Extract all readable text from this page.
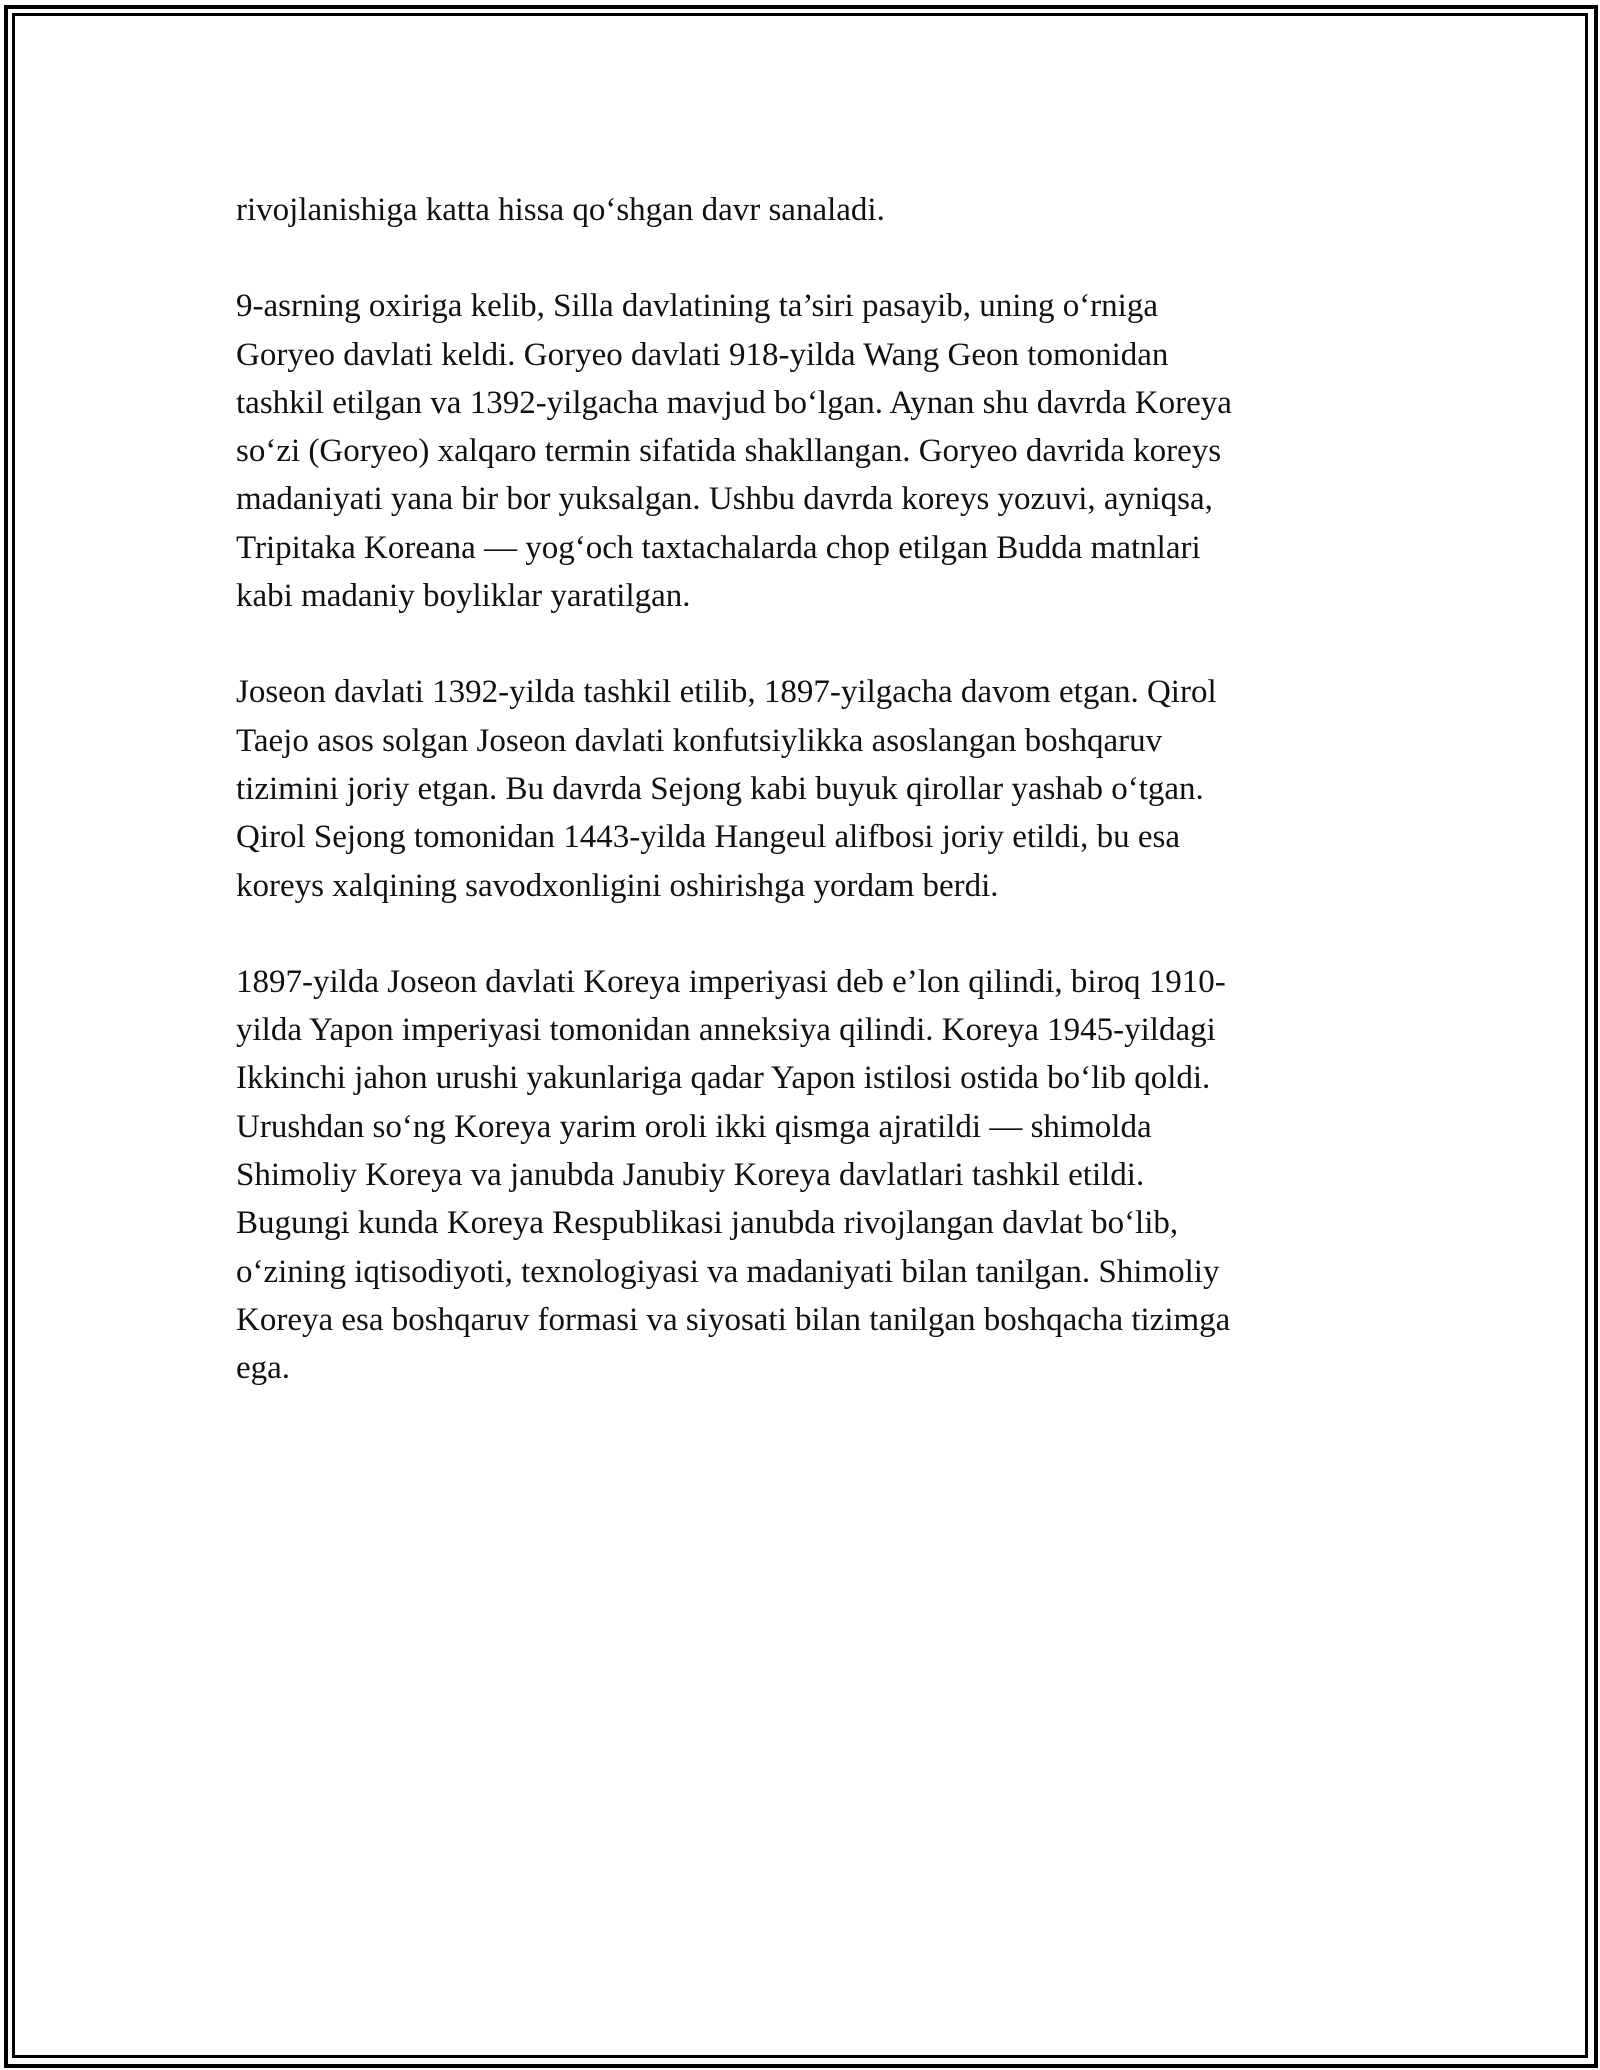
rivojlanishiga katta hissa qo‘shgan davr sanaladi.

9-asrning oxiriga kelib, Silla davlatining ta’siri pasayib, uning o‘rniga
Goryeo davlati keldi. Goryeo davlati 918-yilda Wang Geon tomonidan
tashkil etilgan va 1392-yilgacha mavjud bo‘lgan. Aynan shu davrda Koreya
so‘zi (Goryeo) xalqaro termin sifatida shakllangan. Goryeo davrida koreys
madaniyati yana bir bor yuksalgan. Ushbu davrda koreys yozuvi, ayniqsa,
Tripitaka Koreana — yog‘och taxtachalarda chop etilgan Budda matnlari
kabi madaniy boyliklar yaratilgan.

Joseon davlati 1392-yilda tashkil etilib, 1897-yilgacha davom etgan. Qirol
Taejo asos solgan Joseon davlati konfutsiylikka asoslangan boshqaruv
tizimini joriy etgan. Bu davrda Sejong kabi buyuk qirollar yashab o‘tgan.
Qirol Sejong tomonidan 1443-yilda Hangeul alifbosi joriy etildi, bu esa
koreys xalqining savodxonligini oshirishga yordam berdi.

1897-yilda Joseon davlati Koreya imperiyasi deb e’lon qilindi, biroq 1910-
yilda Yapon imperiyasi tomonidan anneksiya qilindi. Koreya 1945-yildagi
Ikkinchi jahon urushi yakunlariga qadar Yapon istilosi ostida bo‘lib qoldi.
Urushdan so‘ng Koreya yarim oroli ikki qismga ajratildi — shimolda
Shimoliy Koreya va janubda Janubiy Koreya davlatlari tashkil etildi.
Bugungi kunda Koreya Respublikasi janubda rivojlangan davlat bo‘lib,
o‘zining iqtisodiyoti, texnologiyasi va madaniyati bilan tanilgan. Shimoliy
Koreya esa boshqaruv formasi va siyosati bilan tanilgan boshqacha tizimga
ega.
